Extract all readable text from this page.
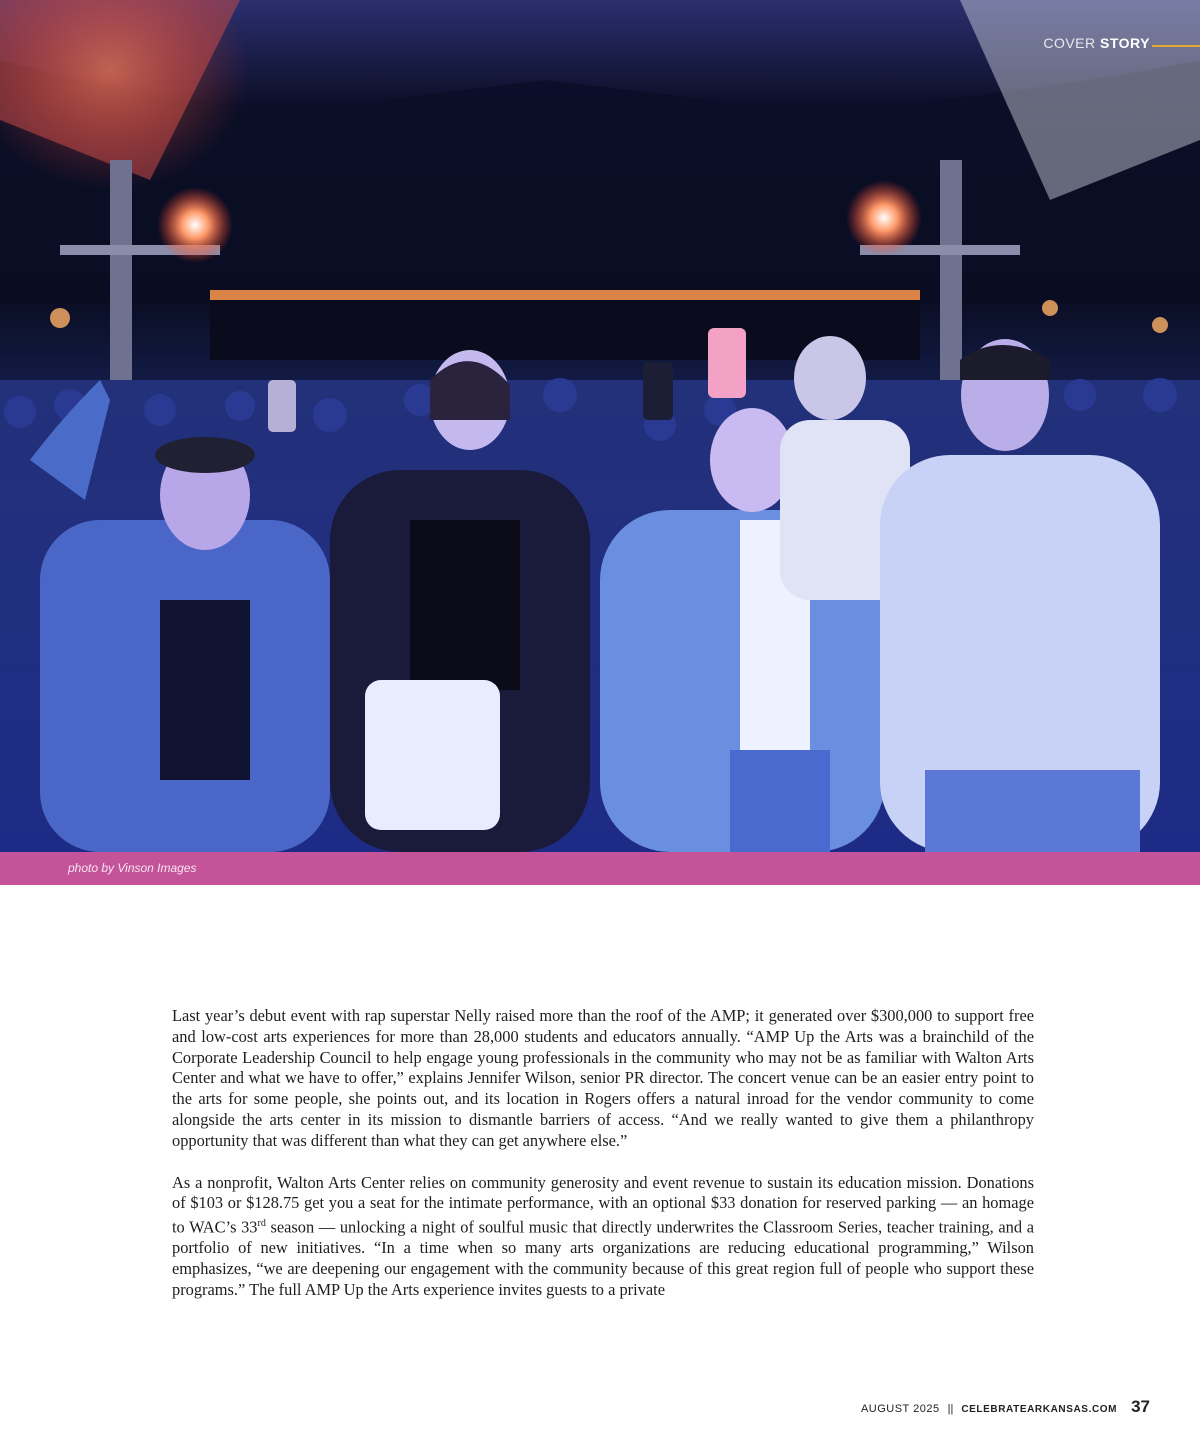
COVER STORY
photo by Vinson Images

Last year’s debut event with rap superstar Nelly raised more than the roof of the AMP; it generated over $300,000 to support free and low-cost arts experiences for more than 28,000 students and educators annually. “AMP Up the Arts was a brainchild of the Corporate Leadership Council to help engage young professionals in the community who may not be as familiar with Walton Arts Center and what we have to offer,” explains Jennifer Wilson, senior PR director. The concert venue can be an easier entry point to the arts for some people, she points out, and its location in Rogers offers a natural inroad for the vendor community to come alongside the arts center in its mission to dismantle barriers of access. “And we really wanted to give them a philanthropy opportunity that was different than what they can get anywhere else.”

As a nonprofit, Walton Arts Center relies on community generosity and event revenue to sustain its education mission. Donations of $103 or $128.75 get you a seat for the intimate performance, with an optional $33 donation for reserved parking — an homage to WAC’s 33rd season — unlocking a night of soulful music that directly underwrites the Classroom Series, teacher training, and a portfolio of new initiatives. “In a time when so many arts organizations are reducing educational programming,” Wilson emphasizes, “we are deepening our engagement with the community because of this great region full of people who support these programs.” The full AMP Up the Arts experience invites guests to a private

AUGUST 2025 || CELEBRATEARKANSAS.COM 37
